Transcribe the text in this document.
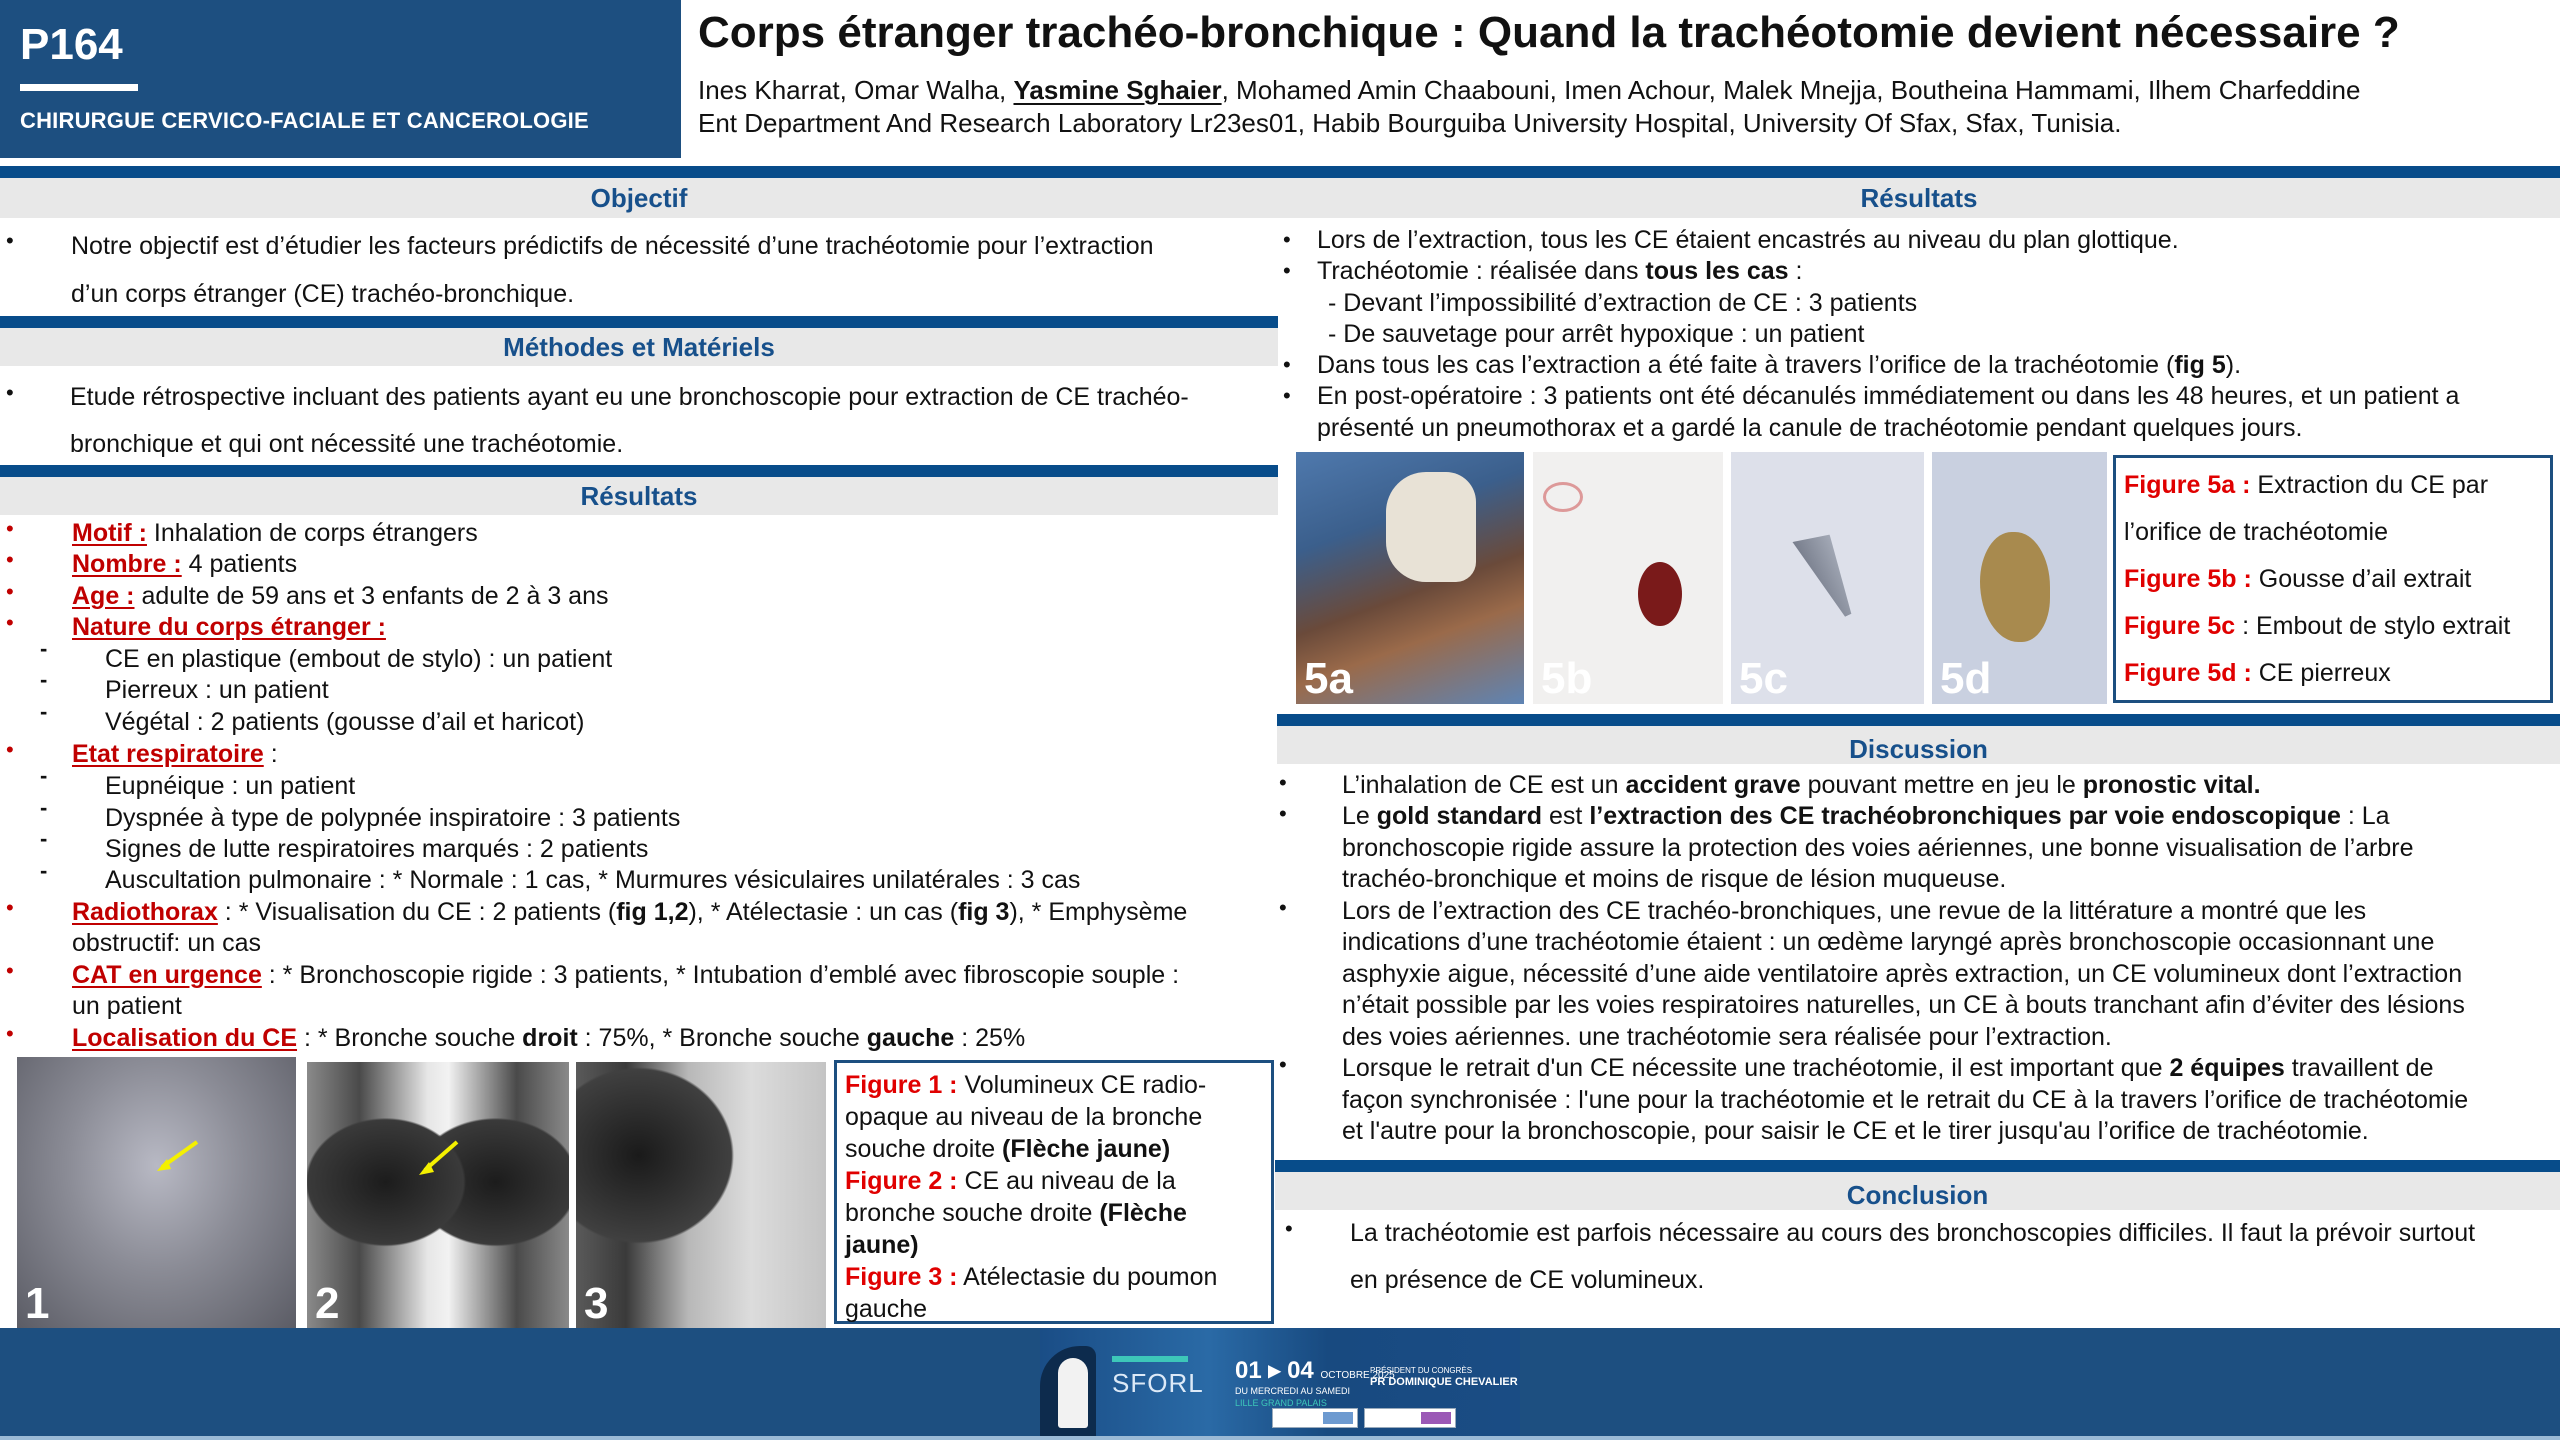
P164
CHIRURGUE CERVICO-FACIALE ET CANCEROLOGIE
Corps étranger trachéo-bronchique : Quand la trachéotomie devient nécessaire ?
Ines Kharrat, Omar Walha, Yasmine Sghaier, Mohamed Amin Chaabouni, Imen Achour, Malek Mnejja, Boutheina Hammami, Ilhem Charfeddine
Ent Department And Research Laboratory Lr23es01, Habib Bourguiba University Hospital, University Of Sfax, Sfax, Tunisia.
Objectif
• Notre objectif est d’étudier les facteurs prédictifs de nécessité d’une trachéotomie pour l’extraction
d’un corps étranger (CE) trachéo-bronchique.
Méthodes et Matériels
• Etude rétrospective incluant des patients ayant eu une bronchoscopie pour extraction de CE trachéo-
bronchique et qui ont nécessité une trachéotomie.
Résultats
• Motif : Inhalation de corps étrangers
• Nombre : 4 patients
• Age : adulte de 59 ans et 3 enfants de 2 à 3 ans
• Nature du corps étranger :
- CE en plastique (embout de stylo) : un patient
- Pierreux : un patient
- Végétal : 2 patients (gousse d’ail et haricot)
• Etat respiratoire :
- Eupnéique : un patient
- Dyspnée à type de polypnée inspiratoire : 3 patients
- Signes de lutte respiratoires marqués : 2 patients
- Auscultation pulmonaire : * Normale : 1 cas, * Murmures vésiculaires unilatérales : 3 cas
• Radiothorax : * Visualisation du CE : 2 patients (fig 1,2), * Atélectasie : un cas (fig 3), * Emphysème
obstructif: un cas
• CAT en urgence : * Bronchoscopie rigide : 3 patients, * Intubation d’emblé avec fibroscopie souple :
un patient
• Localisation du CE : * Bronche souche droit : 75%, * Bronche souche gauche : 25%
1	2	3
Figure 1 : Volumineux CE radio-opaque au niveau de la bronche souche droite (Flèche jaune)
Figure 2 : CE au niveau de la bronche souche droite (Flèche jaune)
Figure 3 : Atélectasie du poumon gauche
Résultats
• Lors de l’extraction, tous les CE étaient encastrés au niveau du plan glottique.
• Trachéotomie : réalisée dans tous les cas :
- Devant l’impossibilité d’extraction de CE : 3 patients
- De sauvetage pour arrêt hypoxique : un patient
• Dans tous les cas l’extraction a été faite à travers l’orifice de la trachéotomie (fig 5).
• En post-opératoire : 3 patients ont été décanulés immédiatement ou dans les 48 heures, et un patient a
présenté un pneumothorax et a gardé la canule de trachéotomie pendant quelques jours.
5a	5b	5c	5d
Figure 5a : Extraction du CE par
l’orifice de trachéotomie
Figure 5b : Gousse d’ail extrait
Figure 5c : Embout de stylo extrait
Figure 5d : CE pierreux
Discussion
• L’inhalation de CE est un accident grave pouvant mettre en jeu le pronostic vital.
• Le gold standard est l’extraction des CE trachéobronchiques par voie endoscopique : La
bronchoscopie rigide assure la protection des voies aériennes, une bonne visualisation de l’arbre
trachéo-bronchique et moins de risque de lésion muqueuse.
• Lors de l’extraction des CE trachéo-bronchiques, une revue de la littérature a montré que les
indications d’une trachéotomie étaient : un œdème laryngé après bronchoscopie occasionnant une
asphyxie aigue, nécessité d’une aide ventilatoire après extraction, un CE volumineux dont l’extraction
n’était possible par les voies respiratoires naturelles, un CE à bouts tranchant afin d’éviter des lésions
des voies aériennes. une trachéotomie sera réalisée pour l’extraction.
• Lorsque le retrait d'un CE nécessite une trachéotomie, il est important que 2 équipes travaillent de
façon synchronisée : l'une pour la trachéotomie et le retrait du CE à la travers l’orifice de trachéotomie
et l'autre pour la bronchoscopie, pour saisir le CE et le tirer jusqu'au l’orifice de trachéotomie.
Conclusion
• La trachéotomie est parfois nécessaire au cours des bronchoscopies difficiles. Il faut la prévoir surtout
en présence de CE volumineux.
SFORL 01 ▸ 04 OCTOBRE 2025
DU MERCREDI AU SAMEDI
LILLE GRAND PALAIS
PRÉSIDENT DU CONGRÈS
PR DOMINIQUE CHEVALIER
